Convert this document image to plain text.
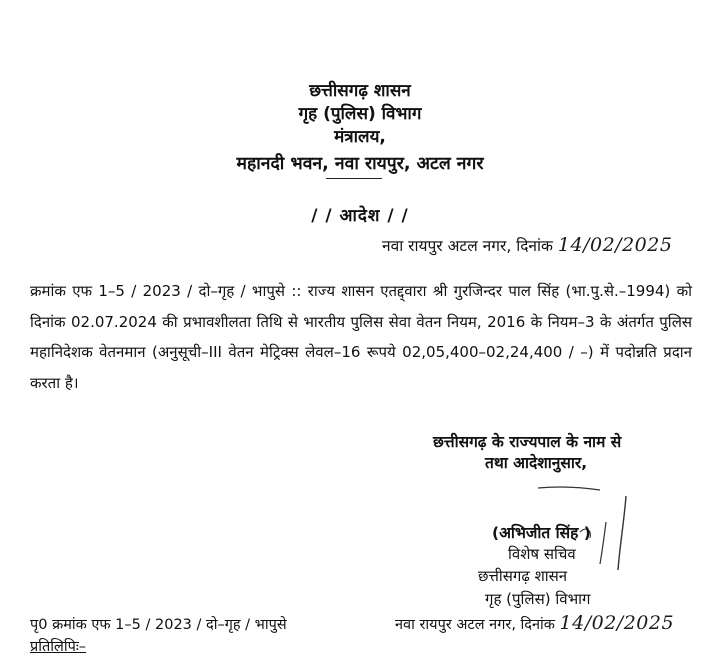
छत्तीसगढ़ शासन
गृह (पुलिस) विभाग
मंत्रालय,
महानदी भवन, नवा रायपुर, अटल नगर
/ / आदेश / /
नवा रायपुर अटल नगर, दिनांक 14/02/2025
क्रमांक एफ 1–5 / 2023 / दो–गृह / भापुसे :: राज्य शासन एतद्द्वारा श्री गुरजिन्दर पाल सिंह (भा.पु.से.–1994) को दिनांक 02.07.2024 की प्रभावशीलता तिथि से भारतीय पुलिस सेवा वेतन नियम, 2016 के नियम–3 के अंतर्गत पुलिस महानिदेशक वेतनमान (अनुसूची–III वेतन मेट्रिक्स लेवल–16 रूपये 02,05,400–02,24,400 / –) में पदोन्नति प्रदान करता है।
छत्तीसगढ़ के राज्यपाल के नाम से
तथा आदेशानुसार,
(अभिजीत सिंह )
विशेष सचिव
छत्तीसगढ़ शासन
गृह (पुलिस) विभाग
पृ0 क्रमांक एफ 1–5 / 2023 / दो–गृह / भापुसे	नवा रायपुर अटल नगर, दिनांक 14/02/2025
प्रतिलिपिः–
